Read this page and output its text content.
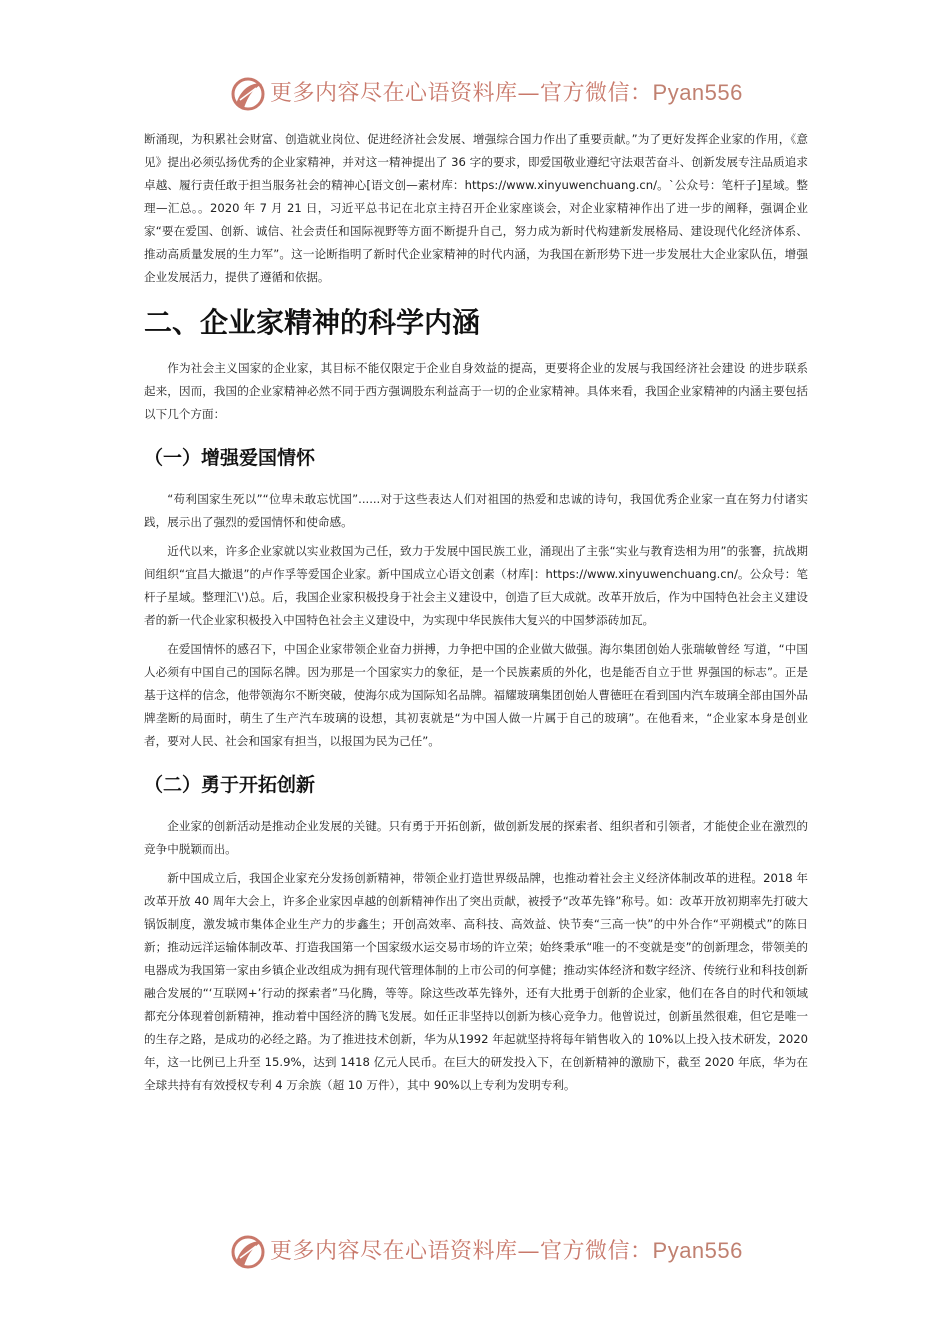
更多内容尽在心语资料库—官方微信：Pyan556

断涌现，为积累社会财富、创造就业岗位、促进经济社会发展、增强综合国力作出了重要贡献。”为了更好发挥企业家的作用，《意见》提出必须弘扬优秀的企业家精神，并对这一精神提出了 36 字的要求，即爱国敬业遵纪守法艰苦奋斗、创新发展专注品质追求卓越、履行责任敢于担当服务社会的精神心[语文创—素材库：https://www.xinyuwenchuang.cn/。`公众号：笔杆子]星域。整理—汇总。。2020 年 7 月 21 日，习近平总书记在北京主持召开企业家座谈会，对企业家精神作出了进一步的阐释，强调企业家“要在爱国、创新、诚信、社会责任和国际视野等方面不断提升自己，努力成为新时代构建新发展格局、建设现代化经济体系、推动高质量发展的生力军”。这一论断指明了新时代企业家精神的时代内涵，为我国在新形势下进一步发展壮大企业家队伍，增强企业发展活力，提供了遵循和依据。

二、企业家精神的科学内涵

作为社会主义国家的企业家，其目标不能仅限定于企业自身效益的提高，更要将企业的发展与我国经济社会建设 的进步联系起来，因而，我国的企业家精神必然不同于西方强调股东利益高于一切的企业家精神。具体来看，我国企业家精神的内涵主要包括以下几个方面：

（一）增强爱国情怀

“苟利国家生死以”“位卑未敢忘忧国”......对于这些表达人们对祖国的热爱和忠诚的诗句，我国优秀企业家一直在努力付诸实践，展示出了强烈的爱国情怀和使命感。

近代以来，许多企业家就以实业救国为己任，致力于发展中国民族工业，涌现出了主张“实业与教育迭相为用”的张謇，抗战期间组织“宜昌大撤退”的卢作孚等爱国企业家。新中国成立心语文创素（材库|：https://www.xinyuwenchuang.cn/。公众号：笔杆子星域。整理汇\')总。后，我国企业家积极投身于社会主义建设中，创造了巨大成就。改革开放后，作为中国特色社会主义建设者的新一代企业家积极投入中国特色社会主义建设中，为实现中华民族伟大复兴的中国梦添砖加瓦。

在爱国情怀的感召下，中国企业家带领企业奋力拼搏，力争把中国的企业做大做强。海尔集团创始人张瑞敏曾经 写道，“中国人必须有中国自己的国际名牌。因为那是一个国家实力的象征，是一个民族素质的外化，也是能否自立于世 界强国的标志”。正是基于这样的信念，他带领海尔不断突破，使海尔成为国际知名品牌。福耀玻璃集团创始人曹德旺在看到国内汽车玻璃全部由国外品牌垄断的局面时，萌生了生产汽车玻璃的设想，其初衷就是“为中国人做一片属于自己的玻璃”。在他看来，“企业家本身是创业者，要对人民、社会和国家有担当，以报国为民为己任”。

（二）勇于开拓创新

企业家的创新活动是推动企业发展的关键。只有勇于开拓创新，做创新发展的探索者、组织者和引领者，才能使企业在激烈的竞争中脱颖而出。

新中国成立后，我国企业家充分发扬创新精神，带领企业打造世界级品牌，也推动着社会主义经济体制改革的进程。2018 年改革开放 40 周年大会上，许多企业家因卓越的创新精神作出了突出贡献，被授予“改革先锋”称号。如：改革开放初期率先打破大锅饭制度，激发城市集体企业生产力的步鑫生；开创高效率、高科技、高效益、快节奏“三高一快”的中外合作“平朔模式”的陈日新；推动远洋运输体制改革、打造我国第一个国家级水运交易市场的许立荣；始终秉承“唯一的不变就是变”的创新理念，带领美的电器成为我国第一家由乡镇企业改组成为拥有现代管理体制的上市公司的何享健；推动实体经济和数字经济、传统行业和科技创新融合发展的“‘互联网+’行动的探索者”马化腾，等等。除这些改革先锋外，还有大批勇于创新的企业家，他们在各自的时代和领域都充分体现着创新精神，推动着中国经济的腾飞发展。如任正非坚持以创新为核心竞争力。他曾说过，创新虽然很难，但它是唯一的生存之路，是成功的必经之路。为了推进技术创新，华为从1992 年起就坚持将每年销售收入的 10%以上投入技术研发，2020 年，这一比例已上升至 15.9%，达到 1418 亿元人民币。在巨大的研发投入下，在创新精神的激励下，截至 2020 年底，华为在全球共持有有效授权专利 4 万余族（超 10 万件），其中 90%以上专利为发明专利。

更多内容尽在心语资料库—官方微信：Pyan556
